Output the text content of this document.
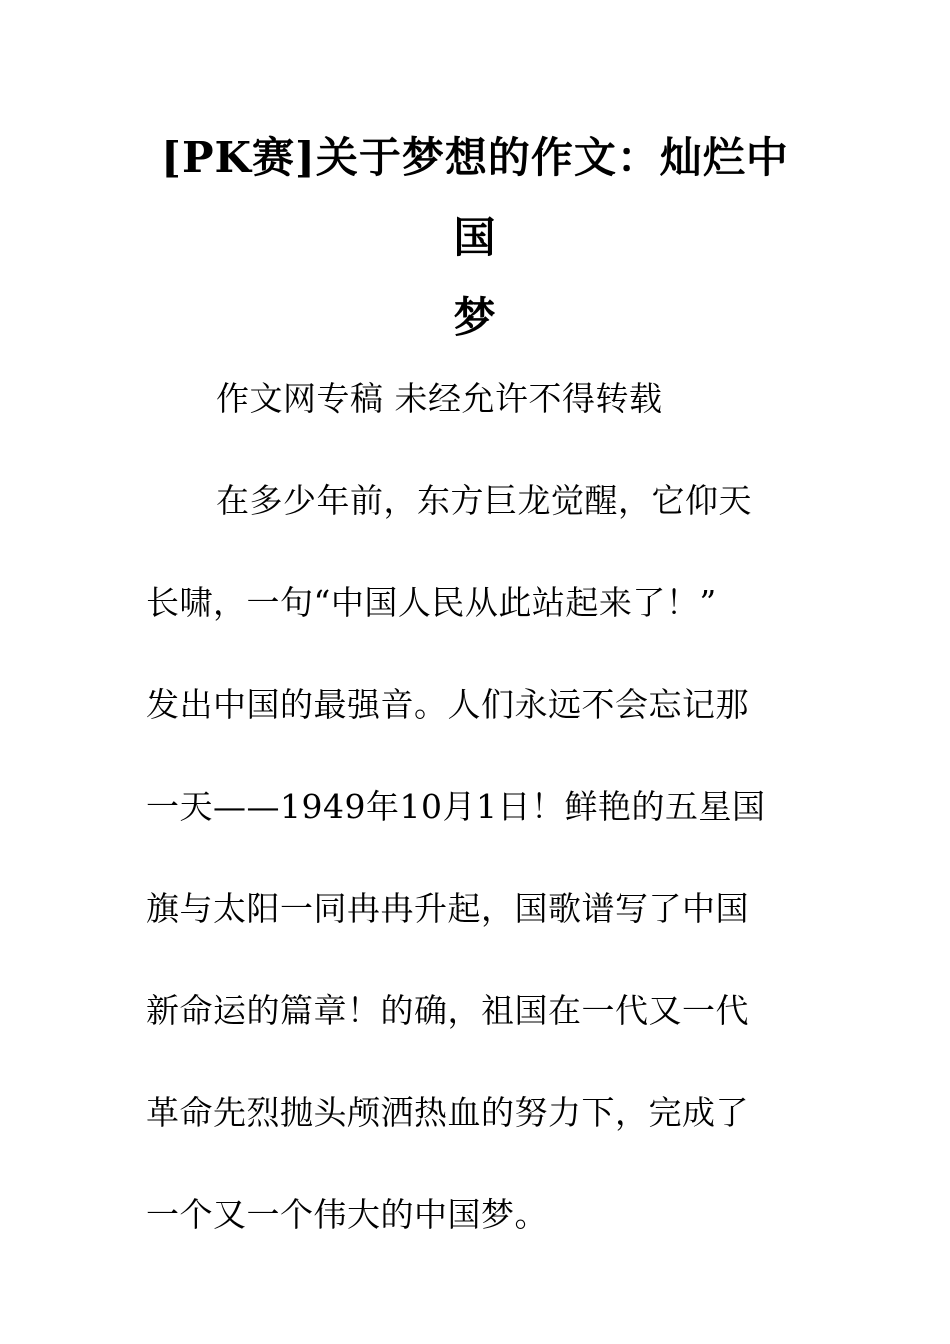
[PK赛]关于梦想的作文：灿烂中国
梦
作文网专稿 未经允许不得转载
在多少年前，东方巨龙觉醒，它仰天
长啸，一句“中国人民从此站起来了！”
发出中国的最强音。人们永远不会忘记那
一天——1949年10月1日！鲜艳的五星国
旗与太阳一同冉冉升起，国歌谱写了中国
新命运的篇章！的确，祖国在一代又一代
革命先烈抛头颅洒热血的努力下，完成了
一个又一个伟大的中国梦。
